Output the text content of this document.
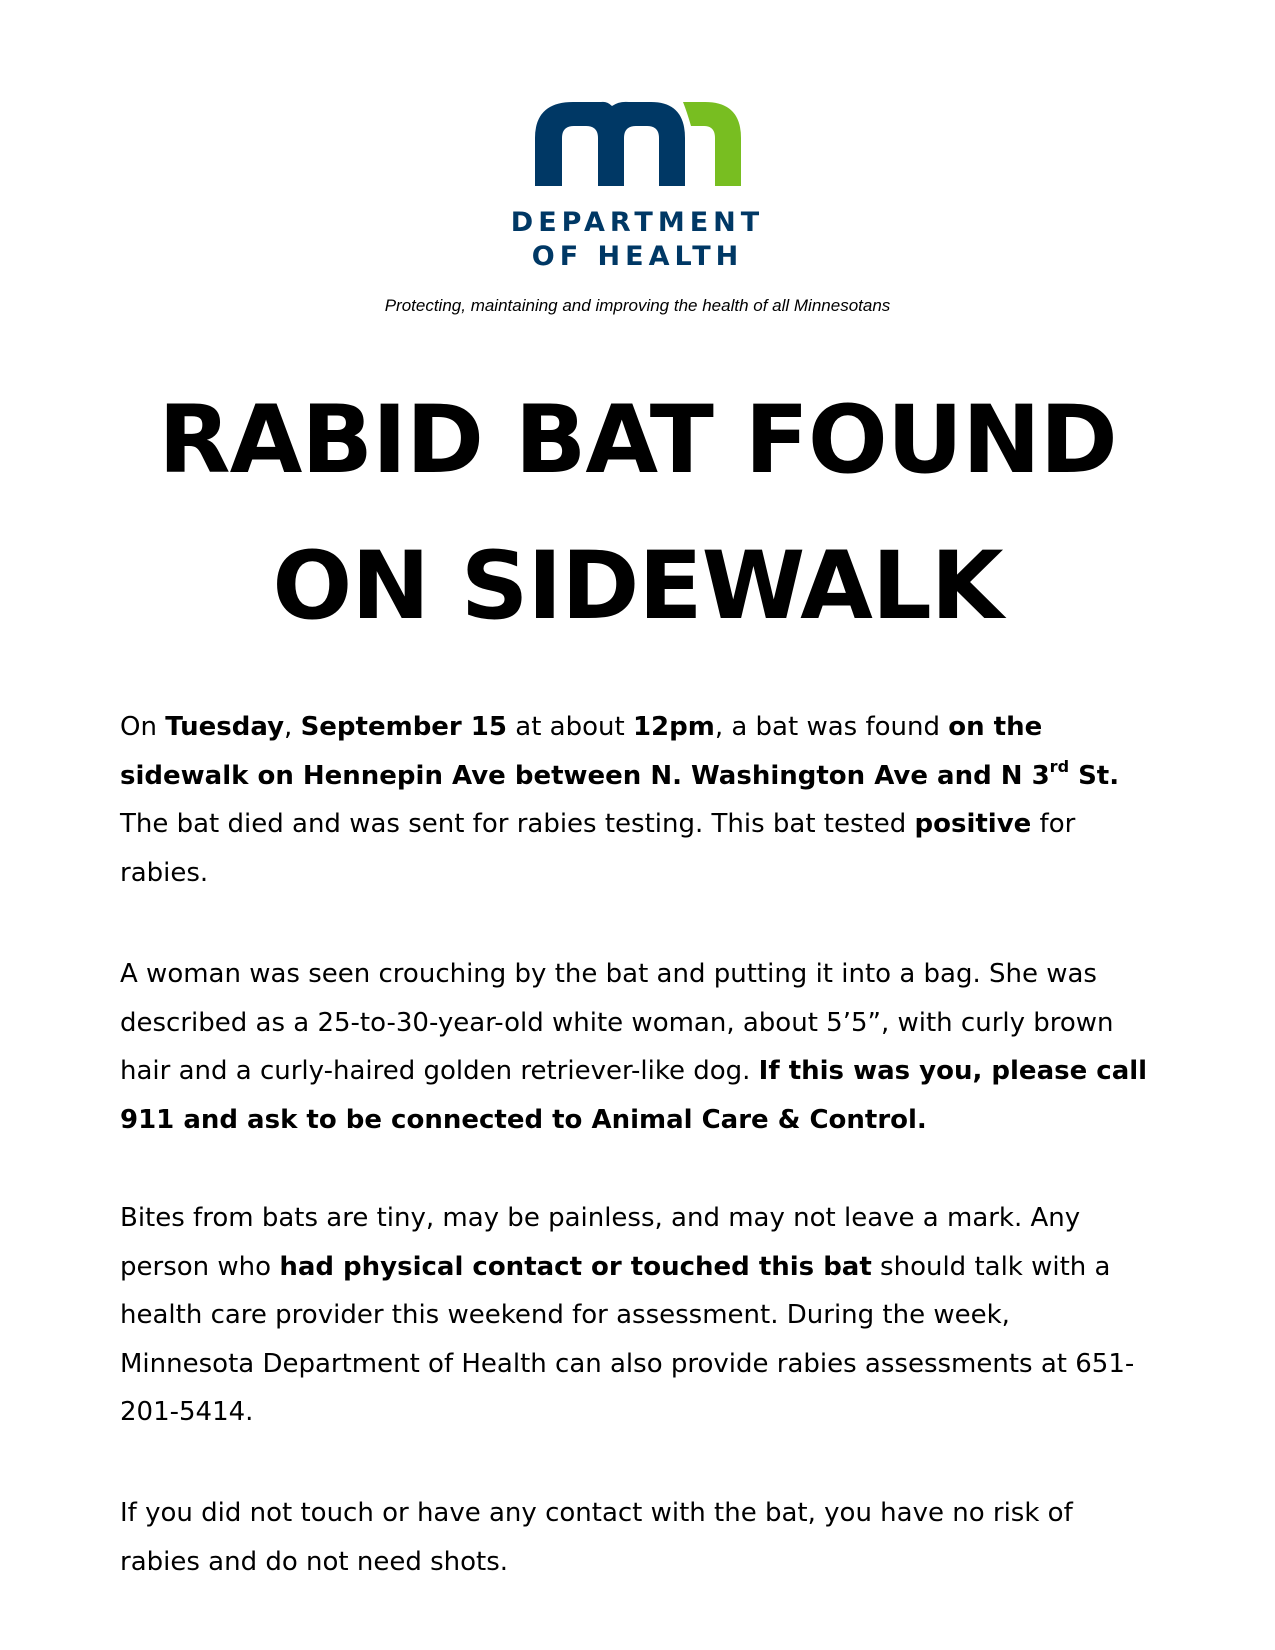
DEPARTMENT
OF HEALTH
Protecting, maintaining and improving the health of all Minnesotans
RABID BAT FOUND
ON SIDEWALK

On Tuesday, September 15 at about 12pm, a bat was found on the sidewalk on Hennepin Ave between N. Washington Ave and N 3rd St. The bat died and was sent for rabies testing. This bat tested positive for rabies.

A woman was seen crouching by the bat and putting it into a bag. She was described as a 25-to-30-year-old white woman, about 5’5”, with curly brown hair and a curly-haired golden retriever-like dog. If this was you, please call 911 and ask to be connected to Animal Care & Control.

Bites from bats are tiny, may be painless, and may not leave a mark. Any person who had physical contact or touched this bat should talk with a health care provider this weekend for assessment. During the week, Minnesota Department of Health can also provide rabies assessments at 651-201-5414.

If you did not touch or have any contact with the bat, you have no risk of rabies and do not need shots.
